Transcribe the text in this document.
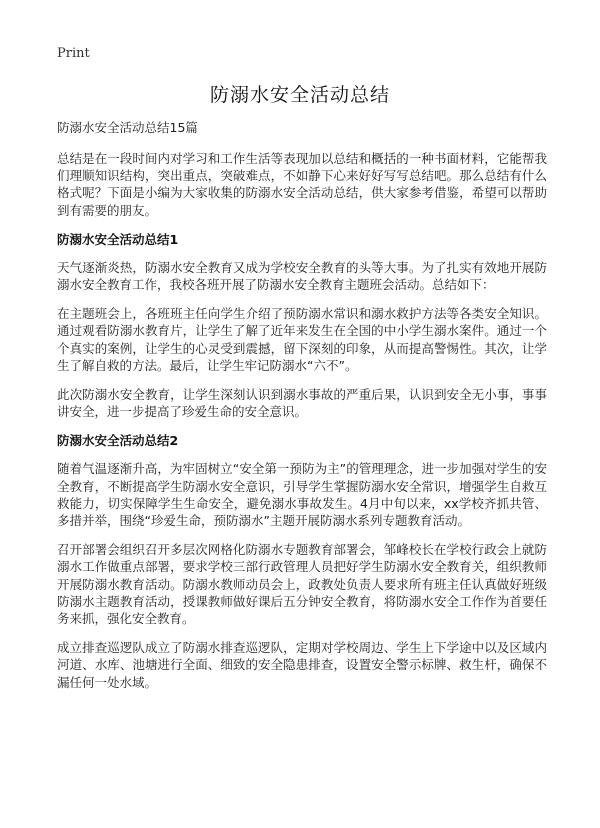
Print
防溺水安全活动总结

防溺水安全活动总结15篇

总结是在一段时间内对学习和工作生活等表现加以总结和概括的一种书面材料，它能帮我们理顺知识结构，突出重点，突破难点，不如静下心来好好写写总结吧。那么总结有什么格式呢？下面是小编为大家收集的防溺水安全活动总结，供大家参考借鉴，希望可以帮助到有需要的朋友。

防溺水安全活动总结1

天气逐渐炎热，防溺水安全教育又成为学校安全教育的头等大事。为了扎实有效地开展防溺水安全教育工作，我校各班开展了防溺水安全教育主题班会活动。总结如下：

在主题班会上，各班班主任向学生介绍了预防溺水常识和溺水救护方法等各类安全知识。通过观看防溺水教育片，让学生了解了近年来发生在全国的中小学生溺水案件。通过一个个真实的案例，让学生的心灵受到震撼，留下深刻的印象，从而提高警惕性。其次，让学生了解自救的方法。最后，让学生牢记防溺水“六不”。

此次防溺水安全教育，让学生深刻认识到溺水事故的严重后果，认识到安全无小事，事事讲安全，进一步提高了珍爱生命的安全意识。

防溺水安全活动总结2

随着气温逐渐升高，为牢固树立“安全第一预防为主”的管理理念，进一步加强对学生的安全教育，不断提高学生防溺水安全意识，引导学生掌握防溺水安全常识，增强学生自救互救能力，切实保障学生生命安全，避免溺水事故发生。4月中旬以来，xx学校齐抓共管、多措并举，围绕“珍爱生命，预防溺水”主题开展防溺水系列专题教育活动。

召开部署会组织召开多层次网格化防溺水专题教育部署会，邹峰校长在学校行政会上就防溺水工作做重点部署，要求学校三部行政管理人员把好学生防溺水安全教育关，组织教师开展防溺水教育活动。防溺水教师动员会上，政教处负责人要求所有班主任认真做好班级防溺水主题教育活动，授课教师做好课后五分钟安全教育，将防溺水安全工作作为首要任务来抓，强化安全教育。

成立排查巡逻队成立了防溺水排查巡逻队，定期对学校周边、学生上下学途中以及区域内河道、水库、池塘进行全面、细致的安全隐患排查，设置安全警示标牌、救生杆，确保不漏任何一处水域。
